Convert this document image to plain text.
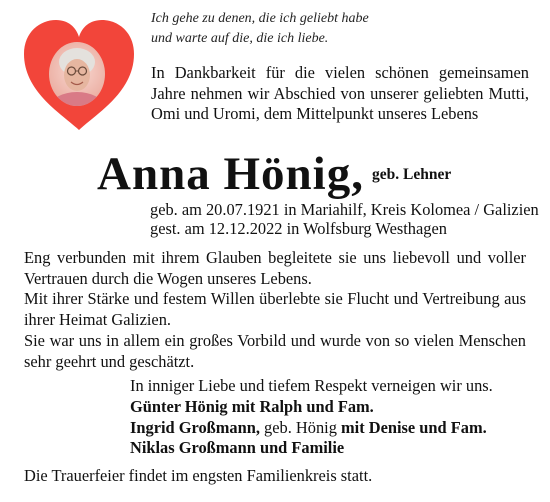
Ich gehe zu denen, die ich geliebt habe
und warte auf die, die ich liebe.
In Dankbarkeit für die vielen schönen gemeinsamen Jahre nehmen wir Abschied von unserer geliebten Mutti, Omi und Uromi, dem Mittelpunkt unseres Lebens
Anna Hönig, geb. Lehner
geb. am 20.07.1921 in Mariahilf, Kreis Kolomea / Galizien
gest. am 12.12.2022 in Wolfsburg Westhagen

Eng verbunden mit ihrem Glauben begleitete sie uns liebevoll und voller Vertrauen durch die Wogen unseres Lebens.

Mit ihrer Stärke und festem Willen überlebte sie Flucht und Vertreibung aus ihrer Heimat Galizien.

Sie war uns in allem ein großes Vorbild und wurde von so vielen Menschen sehr geehrt und geschätzt.

In inniger Liebe und tiefem Respekt verneigen wir uns.
Günter Hönig mit Ralph und Fam.
Ingrid Großmann, geb. Hönig mit Denise und Fam.
Niklas Großmann und Familie
Die Trauerfeier findet im engsten Familienkreis statt.
